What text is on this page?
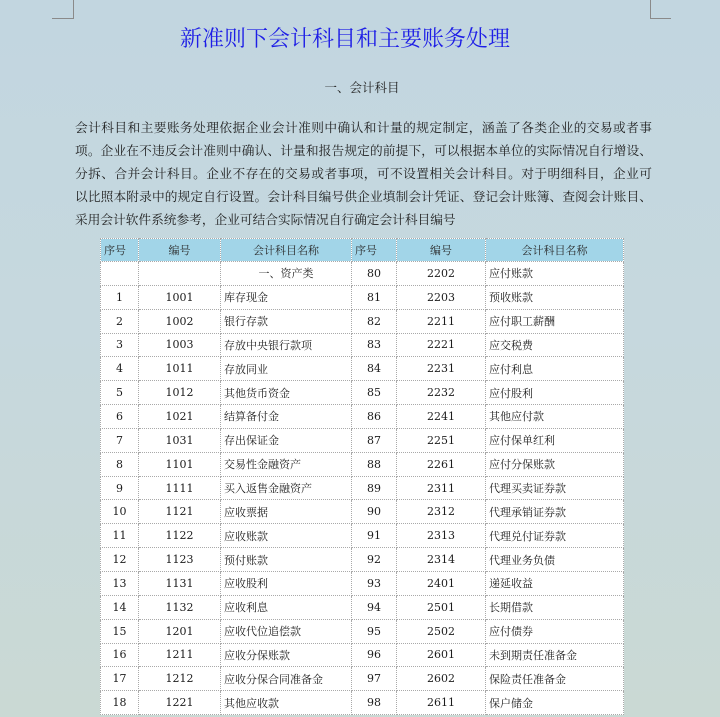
新准则下会计科目和主要账务处理
一、会计科目
会计科目和主要账务处理依据企业会计准则中确认和计量的规定制定，涵盖了各类企业的交易或者事
项。企业在不违反会计准则中确认、计量和报告规定的前提下，可以根据本单位的实际情况自行增设、
分拆、合并会计科目。企业不存在的交易或者事项，可不设置相关会计科目。对于明细科目，企业可
以比照本附录中的规定自行设置。会计科目编号供企业填制会计凭证、登记会计账簿、查阅会计账目、
采用会计软件系统参考，企业可结合实际情况自行确定会计科目编号
序号	编号	会计科目名称	序号	编号	会计科目名称
		一、资产类	80	2202	应付账款
1	1001	库存现金	81	2203	预收账款
2	1002	银行存款	82	2211	应付职工薪酬
3	1003	存放中央银行款项	83	2221	应交税费
4	1011	存放同业	84	2231	应付利息
5	1012	其他货币资金	85	2232	应付股利
6	1021	结算备付金	86	2241	其他应付款
7	1031	存出保证金	87	2251	应付保单红利
8	1101	交易性金融资产	88	2261	应付分保账款
9	1111	买入返售金融资产	89	2311	代理买卖证券款
10	1121	应收票据	90	2312	代理承销证券款
11	1122	应收账款	91	2313	代理兑付证券款
12	1123	预付账款	92	2314	代理业务负债
13	1131	应收股利	93	2401	递延收益
14	1132	应收利息	94	2501	长期借款
15	1201	应收代位追偿款	95	2502	应付债券
16	1211	应收分保账款	96	2601	未到期责任准备金
17	1212	应收分保合同准备金	97	2602	保险责任准备金
18	1221	其他应收款	98	2611	保户储金
